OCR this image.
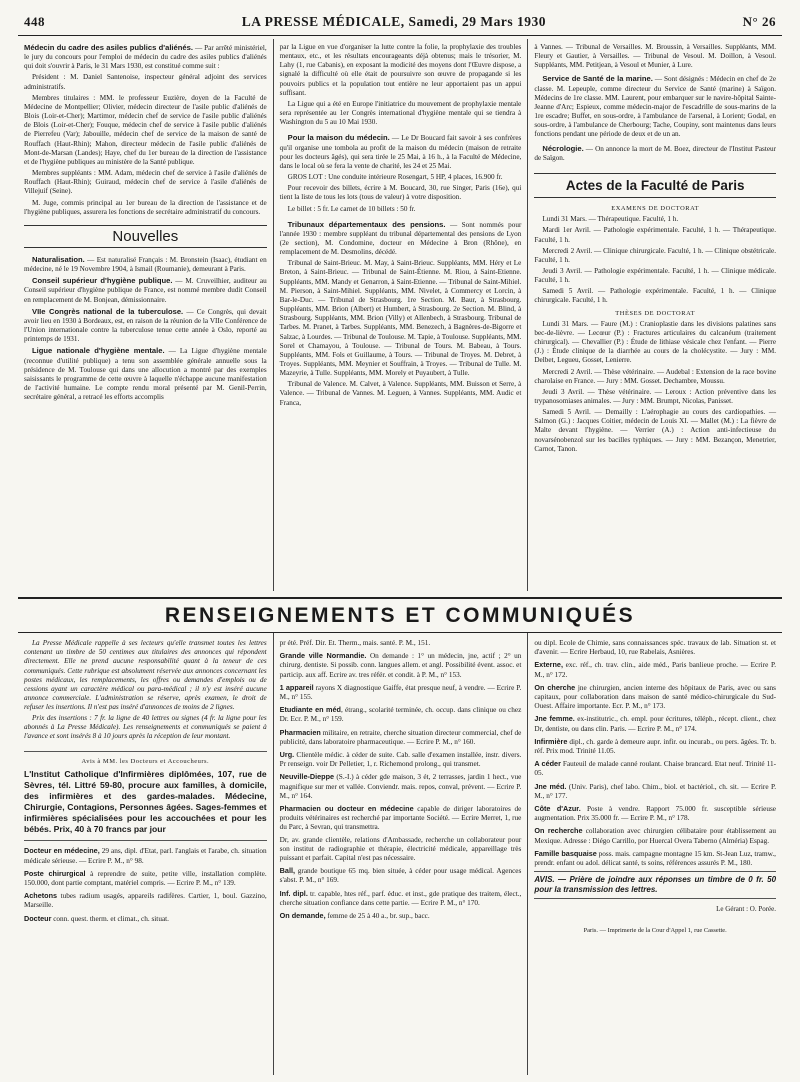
448	LA PRESSE MÉDICALE, Samedi, 29 Mars 1930	N° 26

Médecin du cadre des asiles publics d'aliénés. — Par arrêté ministériel, le jury du concours pour l'emploi de médecin du cadre des asiles publics d'aliénés qui doit s'ouvrir à Paris, le 31 Mars 1930, est constitué comme suit :

Président : M. Daniel Santenoise, inspecteur général adjoint des services administratifs.

Membres titulaires : MM. le professeur Euzière, doyen de la Faculté de Médecine de Montpellier; Olivier, médecin directeur de l'asile public d'aliénés de Blois (Loir-et-Cher); Martimor, médecin chef de service de l'asile public d'aliénés de Blois (Loir-et-Cher); Fouque, médecin chef de service à l'asile public d'aliénés de Pierrefeu (Var); Jabouille, médecin chef de service de la maison de santé de Rouffach (Haut-Rhin); Mahon, directeur médecin de l'asile public d'aliénés de Mont-de-Marsan (Landes); Haye, chef du 1er bureau de la direction de l'assistance et de l'hygiène publiques au ministère de la Santé publique.

Membres suppléants : MM. Adam, médecin chef de service à l'asile d'aliénés de Rouffach (Haut-Rhin); Guiraud, médecin chef de service à l'asile d'aliénés de Villejuif (Seine).

M. Juge, commis principal au 1er bureau de la direction de l'assistance et de l'hygiène publiques, assurera les fonctions de secrétaire administratif du concours.

Nouvelles

Naturalisation. — Est naturalisé Français : M. Bronstein (Isaac), étudiant en médecine, né le 19 Novembre 1904, à Ismail (Roumanie), demeurant à Paris.

Conseil supérieur d'hygiène publique. — M. Cruveilhier, auditeur au Conseil supérieur d'hygiène publique de France, est nommé membre dudit Conseil en remplacement de M. Bonjean, démissionnaire.

VIIe Congrès national de la tuberculose. — Ce Congrès, qui devait avoir lieu en 1930 à Bordeaux, est, en raison de la réunion de la VIIe Conférence de l'Union internationale contre la tuberculose tenue cette année à Oslo, reporté au printemps de 1931.

Ligue nationale d'hygiène mentale. — La Ligue d'hygiène mentale (reconnue d'utilité publique) a tenu son assemblée générale annuelle sous la présidence de M. Toulouse qui dans une allocution a montré par des exemples saisissants le programme de cette œuvre à laquelle n'échappe aucune manifestation de l'activité humaine. Le compte rendu moral présenté par M. Genil-Perrin, secrétaire général, a retracé les efforts accomplis

par la Ligue en vue d'organiser la lutte contre la folie, la prophylaxie des troubles mentaux, etc., et les résultats encourageants déjà obtenus; mais le trésorier, M. Lahy (1, rue Cabanis), en exposant la modicité des moyens dont l'Œuvre dispose, a signalé la difficulté où elle était de poursuivre son œuvre de propagande si les pouvoirs publics et la population tout entière ne leur apportaient pas un appui suffisant.

La Ligue qui a été en Europe l'initiatrice du mouvement de prophylaxie mentale sera représentée au 1er Congrès international d'hygiène mentale qui se tiendra à Washington du 5 au 10 Mai 1930.

Pour la maison du médecin. — Le Dr Boucard fait savoir à ses confrères qu'il organise une tombola au profit de la maison du médecin (maison de retraite pour les docteurs âgés), qui sera tirée le 25 Mai, à 16 h., à la Faculté de Médecine, dans le local où se fera la vente de charité, les 24 et 25 Mai.

GROS LOT : Une conduite intérieure Rosengart, 5 HP, 4 places, 16.900 fr.

Pour recevoir des billets, écrire à M. Boucard, 30, rue Singer, Paris (16e), qui tient la liste de tous les lots (tous de valeur) à votre disposition.

Le billet : 5 fr. Le carnet de 10 billets : 50 fr.

Tribunaux départementaux des pensions. — Sont nommés pour l'année 1930 : membre suppléant du tribunal départemental des pensions de Lyon (2e section), M. Condomine, docteur en Médecine à Bron (Rhône), en remplacement de M. Desmolins, décédé.

Tribunal de Saint-Brieuc. M. May, à Saint-Brieuc. Suppléants, MM. Héry et Le Breton, à Saint-Brieuc. — Tribunal de Saint-Étienne. M. Riou, à Saint-Etienne. Suppléants, MM. Mandy et Genarron, à Saint-Etienne. — Tribunal de Saint-Mihiel. M. Pierson, à Saint-Mihiel. Suppléants, MM. Nivelet, à Commercy et Lorcin, à Bar-le-Duc. — Tribunal de Strasbourg. 1re Section. M. Baur, à Strasbourg. Suppléants, MM. Brion (Albert) et Humbert, à Strasbourg. 2e Section. M. Blind, à Strasbourg. Suppléants, MM. Brion (Villy) et Allenbech, à Strasbourg. Tribunal de Tarbes. M. Pranet, à Tarbes. Suppléants, MM. Benezech, à Bagnères-de-Bigorre et Salzac, à Lourdes. — Tribunal de Toulouse. M. Tapie, à Toulouse. Suppléants, MM. Sorel et Chamayou, à Toulouse. — Tribunal de Tours. M. Babeau, à Tours. Suppléants, MM. Fols et Guillaume, à Tours. — Tribunal de Troyes. M. Debret, à Troyes. Suppléants, MM. Meynier et Souffrain, à Troyes. — Tribunal de Tulle. M. Mazeyrie, à Tulle. Suppléants, MM. Morely et Puyaubert, à Tulle.

Tribunal de Valence. M. Calvet, à Valence. Suppléants, MM. Buisson et Serre, à Valence. — Tribunal de Vannes. M. Leguen, à Vannes. Suppléants, MM. Audic et Franca,

à Vannes. — Tribunal de Versailles. M. Broussin, à Versailles. Suppléants, MM. Fleury et Gautier, à Versailles. — Tribunal de Vesoul. M. Doillon, à Vesoul. Suppléants, MM. Petitjean, à Vesoul et Munier, à Lure.

Service de Santé de la marine. — Sont désignés : Médecin en chef de 2e classe. M. Lepeuple, comme directeur du Service de Santé (marine) à Saïgon. Médecins de 1re classe. MM. Laurent, pour embarquer sur le navire-hôpital Sainte-Jeanne d'Arc; Espieux, comme médecin-major de l'escadrille de sous-marins de la 1re escadre; Buffet, en sous-ordre, à l'ambulance de l'arsenal, à Lorient; Godal, en sous-ordre, à l'ambulance de Cherbourg; Tache, Coupiny, sont maintenus dans leurs fonctions pendant une période de deux et de un an.

Nécrologie. — On annonce la mort de M. Boez, directeur de l'Institut Pasteur de Saïgon.

Actes de la Faculté de Paris
EXAMENS DE DOCTORAT

Lundi 31 Mars. — Thérapeutique. Faculté, 1 h.

Mardi 1er Avril. — Pathologie expérimentale. Faculté, 1 h. — Thérapeutique. Faculté, 1 h.

Mercredi 2 Avril. — Clinique chirurgicale. Faculté, 1 h. — Clinique obstétricale. Faculté, 1 h.

Jeudi 3 Avril. — Pathologie expérimentale. Faculté, 1 h. — Clinique médicale. Faculté, 1 h.

Samedi 5 Avril. — Pathologie expérimentale. Faculté, 1 h. — Clinique chirurgicale. Faculté, 1 h.

THÈSES DE DOCTORAT

Lundi 31 Mars. — Faure (M.) : Cranioplastie dans les divisions palatines sans bec-de-lièvre. — Lecœur (P.) : Fractures articulaires du calcanéum (traitement chirurgical). — Chevallier (P.) : Étude de lithiase vésicale chez l'enfant. — Pierre (J.) : Étude clinique de la diarrhée au cours de la cholécystite. — Jury : MM. Delbet, Legueu, Gosset, Lenierre.

Mercredi 2 Avril. — Thèse vétérinaire. — Audebal : Extension de la race bovine charolaise en France. — Jury : MM. Gosset. Dechambre, Moussu.

Jeudi 3 Avril. — Thèse vétérinaire. — Leroux : Action préventive dans les trypanosomiases animales. — Jury : MM. Brumpt, Nicolas, Panisset.

Samedi 5 Avril. — Demailly : L'aérophagie au cours des cardiopathies. — Salmon (G.) : Jacques Coitier, médecin de Louis XI. — Mallet (M.) : La fièvre de Malte devant l'hygiène. — Verrier (A.) : Action anti-infectieuse du novarsénobenzol sur les bacilles typhiques. — Jury : MM. Bezançon, Menetrier, Carnot, Tanon.

RENSEIGNEMENTS ET COMMUNIQUÉS

La Presse Médicale rappelle à ses lecteurs qu'elle transmet toutes les lettres contenant un timbre de 50 centimes aux titulaires des annonces qui répondent directement. Elle ne prend aucune responsabilité quant à la teneur de ces communiqués. Cette rubrique est absolument réservée aux annonces concernant les postes médicaux, les remplacements, les offres ou demandes d'emplois ou de cessions ayant un caractère médical ou para-médical ; il n'y est inséré aucune annonce commerciale. L'administration se réserve, après examen, le droit de refuser les insertions. Il n'est pas inséré d'annonces de moins de 2 lignes.

Prix des insertions : 7 fr. la ligne de 40 lettres ou signes (4 fr. la ligne pour les abonnés à La Presse Médicale). Les renseignements et communiqués se paient à l'avance et sont insérés 8 à 10 jours après la réception de leur montant.

Avis à MM. les Docteurs et Accoucheurs.

L'Institut Catholique d'Infirmières diplômées, 107, rue de Sèvres, tél. Littré 59-80, procure aux familles, à domicile, des infirmières et des gardes-malades. Médecine, Chirurgie, Contagions, Personnes âgées. Sages-femmes et infirmières spécialisées pour les accouchées et pour les bébés. Prix, 40 à 70 francs par jour

Docteur en médecine, 29 ans, dipl. d'Etat, parl. l'anglais et l'arabe, ch. situation médicale sérieuse. — Ecrire P. M., n° 98.

Poste chirurgical à reprendre de suite, petite ville, installation complète. 150.000, dont partie comptant, matériel compris. — Ecrire P. M., n° 139.

Achetons tubes radium usagés, appareils radifères. Cartier, 1, boul. Gazzino, Marseille.

Docteur conn. quest. therm. et climat., ch. situat.

pr été. Préf. Dir. Et. Therm., mais. santé. P. M., 151.

Grande ville Normandie. On demande : 1° un médecin, jne, actif ; 2° un chirurg. dentiste. Si possib. conn. langues allem. et angl. Possibilité évent. assoc. et particip. aux aff. Ecrire av. tres référ. et condit. à P. M., n° 153.

1 appareil rayons X diagnostique Gaiffe, état presque neuf, à vendre. — Ecrire P. M., n° 155.

Etudiante en méd, étrang., scolarité terminée, ch. occup. dans clinique ou chez Dr. Ecr. P. M., n° 159.

Pharmacien militaire, en retraite, cherche situation directeur commercial, chef de publicité, dans laboratoire pharmaceutique. — Ecrire P. M., n° 160.

Urg. Clientèle médic. à céder de suite. Cab. salle d'examen installée, instr. divers. Pr renseign. voir Dr Pelletier, 1, r. Richemond prolong., qui transmet.

Neuville-Dieppe (S.-I.) à céder gde maison, 3 ét, 2 terrasses, jardin 1 hect., vue magnifique sur mer et vallée. Conviendr. mais. repos, conval, prévent. — Ecrire P. M., n° 164.

Pharmacien ou docteur en médecine capable de diriger laboratoires de produits vétérinaires est recherché par importante Société. — Ecrire Merret, 1, rue du Parc, à Sevran, qui transmettra.

Dr, av. grande clientèle, relations d'Ambassade, recherche un collaborateur pour son institut de radiographie et thérapie, électricité médicale, appareillage très puissant et parfait. Capital n'est pas nécessaire.

Ball, grande boutique 65 mq. bien située, à céder pour usage médical. Agences s'abst. P. M., n° 169.

Inf. dipl. tr. capable, htes réf., parf. éduc. et inst., gde pratique des traitem, élect., cherche situation confiance dans cette partie. — Ecrire P. M., n° 170.

On demande, femme de 25 à 40 a., br. sup., bacc.

ou dipl. Ecole de Chimie, sans connaissances spéc. travaux de lab. Situation st. et d'avenir. — Ecrire Herbaud, 10, rue Rabelais, Asnières.

Externe, exc. réf., ch. trav. clin., aide méd., Paris banlieue proche. — Ecrire P. M., n° 172.

On cherche jne chirurgien, ancien interne des hôpitaux de Paris, avec ou sans capitaux, pour collaboration dans maison de santé médico-chirurgicale du Sud-Ouest. Affaire importante. Ecr. P. M., n° 173.

Jne femme. ex-institutric., ch. empl. pour écritures, téléph., récept. client., chez Dr, dentiste, ou dans clin. Paris. — Ecrire P. M., n° 174.

Infirmière dipl., ch. garde à demeure aupr. infir. ou incurab., ou pers. âgées. Tr. b. réf. Prix mod. Trinité 11.05.

A céder Fauteuil de malade canné roulant. Chaise brancard. Etat neuf. Trinité 11-05.

Jne méd. (Univ. Paris), chef labo. Chim., biol. et bactériol., ch. sit. — Ecrire P. M., n° 177.

Côte d'Azur. Poste à vendre. Rapport 75.000 fr. susceptible sérieuse augmentation. Prix 35.000 fr. — Ecrire P. M., n° 178.

On recherche collaboration avec chirurgien célibataire pour établissement au Mexique. Adresse : Diégo Carrillo, por Huercal Overa Taberno (Alméria) Espag.

Famille basquaise poss. mais. campagne montagne 15 km. St-Jean Luz, tramw., prendr. enfant ou adol. délicat santé, ts soins, références assurés P. M., 180.

AVIS. — Prière de joindre aux réponses un timbre de 0 fr. 50 pour la transmission des lettres.
Le Gérant : O. Porée.
Paris. — Imprimerie de la Cour d'Appel 1, rue Cassette.
